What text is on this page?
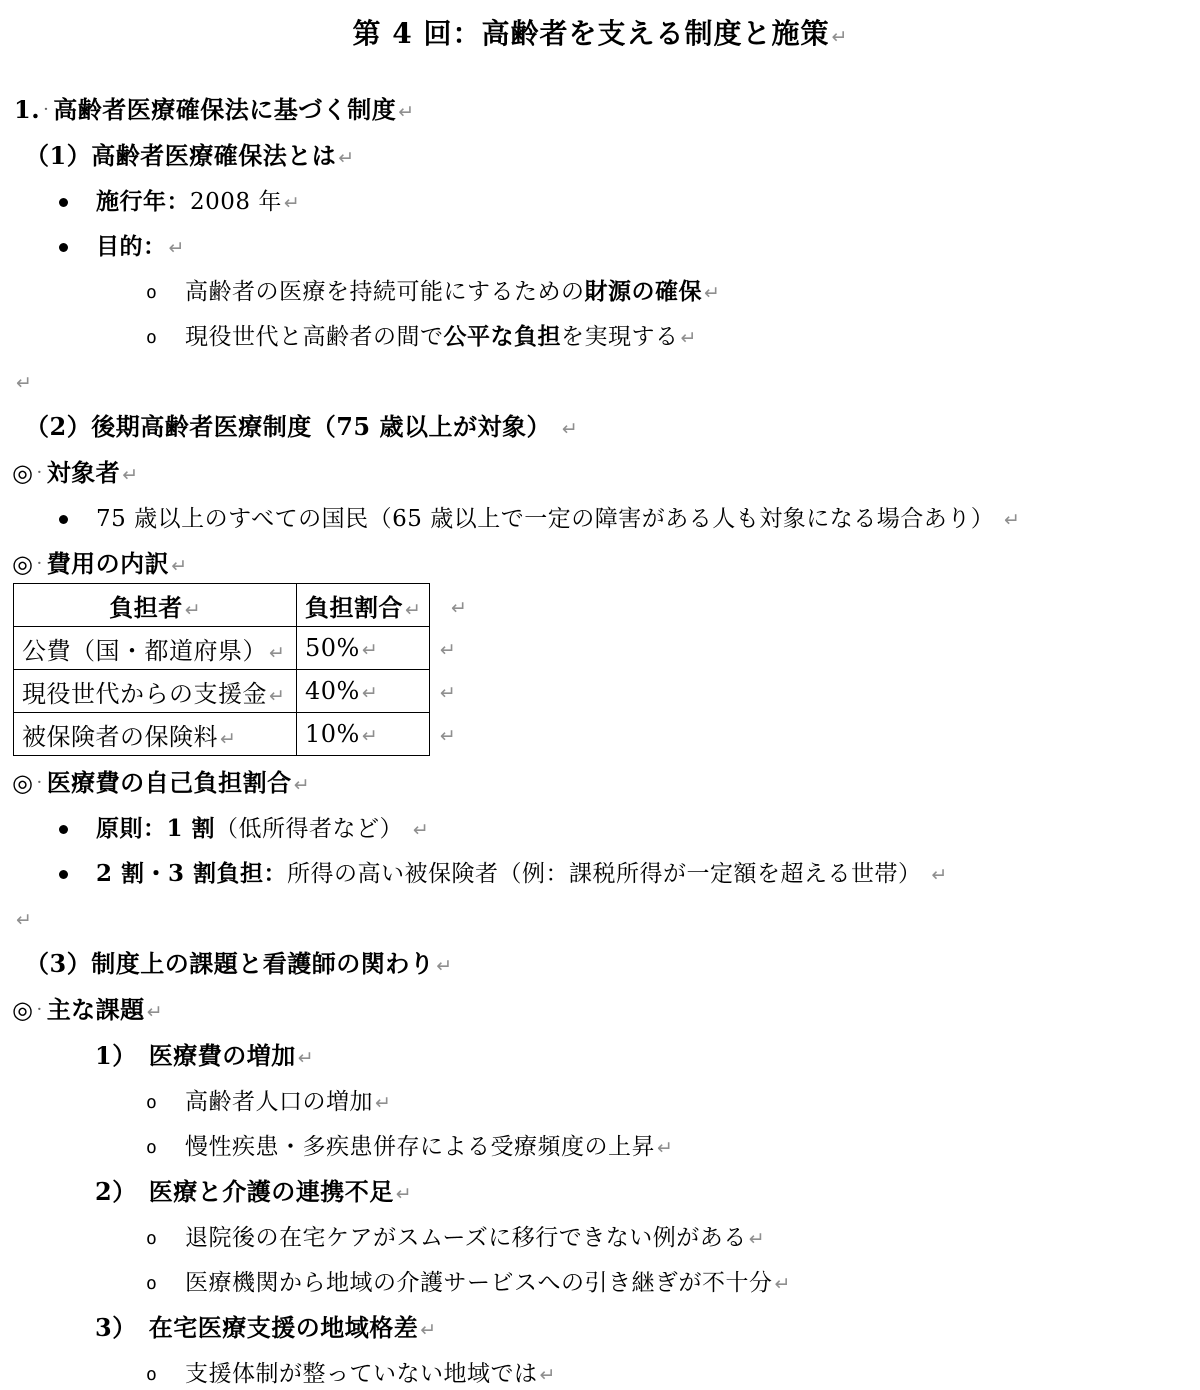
第 4 回：高齢者を支える制度と施策 ↵
1. · 高齢者医療確保法に基づく制度 ↵
（1）高齢者医療確保法とは ↵
施行年：2008 年 ↵
目的： ↵
o 高齢者の医療を持続可能にするための財源の確保 ↵
o 現役世代と高齢者の間で公平な負担を実現する ↵
↵
（2）後期高齢者医療制度（75 歳以上が対象） ↵
◎ · 対象者 ↵
75 歳以上のすべての国民（65 歳以上で一定の障害がある人も対象になる場合あり） ↵
◎ · 費用の内訳 ↵
負担者 ↵	負担割合 ↵	↵
公費（国・都道府県） ↵	50% ↵	↵
現役世代からの支援金 ↵	40% ↵	↵
被保険者の保険料 ↵	10% ↵	↵
◎ · 医療費の自己負担割合 ↵
原則：1 割（低所得者など） ↵
2 割・3 割負担：所得の高い被保険者（例：課税所得が一定額を超える世帯） ↵
↵
（3）制度上の課題と看護師の関わり ↵
◎ · 主な課題 ↵
1） 医療費の増加 ↵
o 高齢者人口の増加 ↵
o 慢性疾患・多疾患併存による受療頻度の上昇 ↵
2） 医療と介護の連携不足 ↵
o 退院後の在宅ケアがスムーズに移行できない例がある ↵
o 医療機関から地域の介護サービスへの引き継ぎが不十分 ↵
3） 在宅医療支援の地域格差 ↵
o 支援体制が整っていない地域では ↵
